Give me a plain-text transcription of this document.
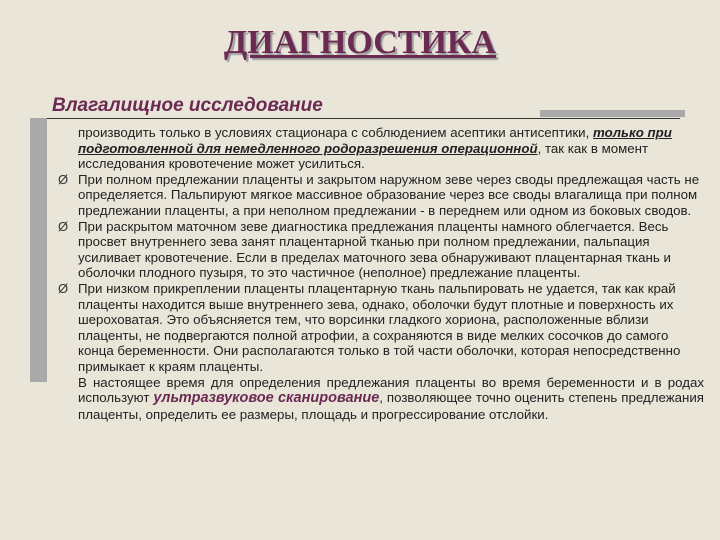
ДИАГНОСТИКА
Влагалищное исследование

производить только в условиях стационара с соблюдением асептики антисептики, только при подготовленной для немедленного родоразрешения операционной, так как в момент исследования кровотечение может усилиться.

Ø При полном предлежании плаценты и закрытом наружном зеве через своды предлежащая часть не определяется. Пальпируют мягкое массивное образование через все своды влагалища при полном предлежании плаценты, а при неполном предлежании - в переднем или одном из боковых сводов.

Ø При раскрытом маточном зеве диагностика предлежания плаценты намного облегчается. Весь просвет внутреннего зева занят плацентарной тканью при полном предлежании, пальпация усиливает кровотечение. Если в пределах маточного зева обнаруживают плацентарная ткань и оболочки плодного пузыря, то это частичное (неполное) предлежание плаценты.

Ø При низком прикреплении плаценты плацентарную ткань пальпировать не удается, так как край плаценты находится выше внутреннего зева, однако, оболочки будут плотные и поверхность их шероховатая. Это объясняется тем, что ворсинки гладкого хориона, расположенные вблизи плаценты, не подвергаются полной атрофии, а сохраняются в виде мелких сосочков до самого конца беременности. Они располагаются только в той части оболочки, которая непосредственно примыкает к краям плаценты.

В настоящее время для определения предлежания плаценты во время беременности и в родах используют ультразвуковое сканирование, позволяющее точно оценить степень предлежания плаценты, определить ее размеры, площадь и прогрессирование отслойки.
